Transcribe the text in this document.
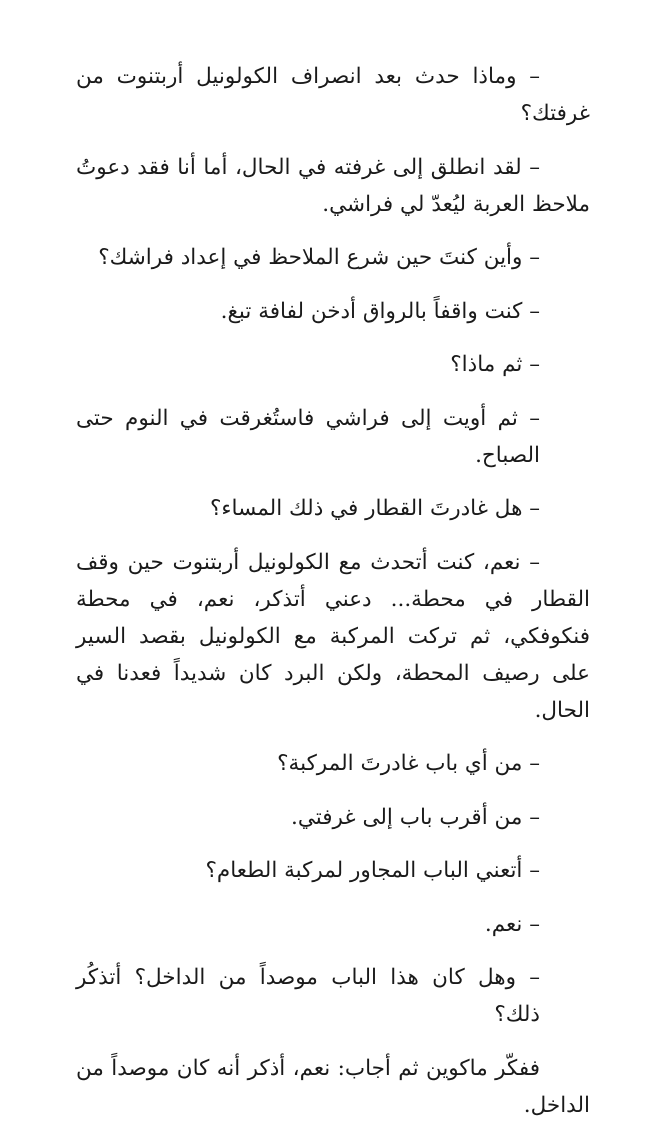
– وماذا حدث بعد انصراف الكولونيل أربتنوت من غرفتك؟

– لقد انطلق إلى غرفته في الحال، أما أنا فقد دعوتُ ملاحظ العربة ليُعدّ لي فراشي.

– وأين كنتَ حين شرع الملاحظ في إعداد فراشك؟

– كنت واقفاً بالرواق أدخن لفافة تبغ.

– ثم ماذا؟

– ثم أويت إلى فراشي فاستُغرقت في النوم حتى الصباح.

– هل غادرتَ القطار في ذلك المساء؟

– نعم، كنت أتحدث مع الكولونيل أربتنوت حين وقف القطار في محطة... دعني أتذكر، نعم، في محطة فنكوفكي، ثم تركت المركبة مع الكولونيل بقصد السير على رصيف المحطة، ولكن البرد كان شديداً فعدنا في الحال.

– من أي باب غادرتَ المركبة؟

– من أقرب باب إلى غرفتي.

– أتعني الباب المجاور لمركبة الطعام؟

– نعم.

– وهل كان هذا الباب موصداً من الداخل؟ أتذكُر ذلك؟

ففكّر ماكوين ثم أجاب: نعم، أذكر أنه كان موصداً من الداخل.
